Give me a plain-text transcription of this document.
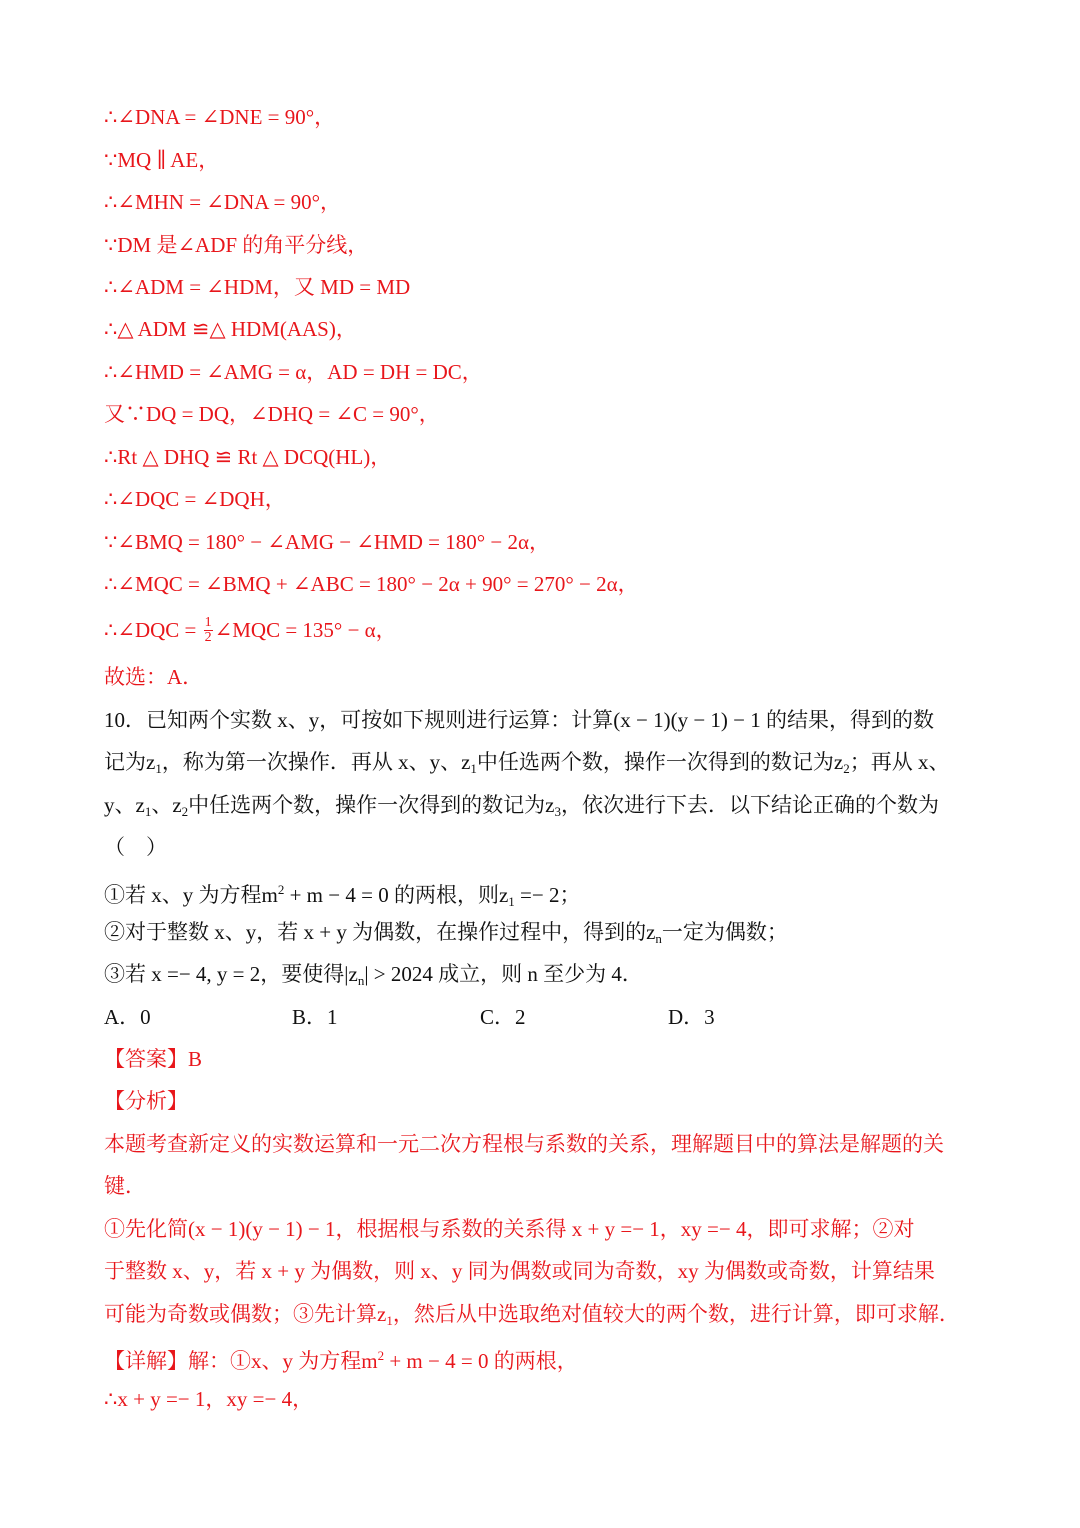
∴∠DNA = ∠DNE = 90°，
∵MQ ∥ AE，
∴∠MHN = ∠DNA = 90°，
∵DM 是∠ADF 的角平分线，
∴∠ADM = ∠HDM，又 MD = MD
∴△ ADM ≌△ HDM(AAS)，
∴∠HMD = ∠AMG = α，AD = DH = DC，
又∵DQ = DQ，∠DHQ = ∠C = 90°，
∴Rt △ DHQ ≌ Rt △ DCQ(HL)，
∴∠DQC = ∠DQH，
∵∠BMQ = 180° − ∠AMG − ∠HMD = 180° − 2α，
∴∠MQC = ∠BMQ + ∠ABC = 180° − 2α + 90° = 270° − 2α，
∴∠DQC = $\frac{1}{2}$ ∠MQC = 135° − α，
故选：A．
10．已知两个实数 x、y，可按如下规则进行运算：计算(x − 1)(y − 1) − 1 的结果，得到的数
记为$z_1$，称为第一次操作．再从 x、y、$z_1$中任选两个数，操作一次得到的数记为$z_2$；再从 x、
y、$z_1$、$z_2$中任选两个数，操作一次得到的数记为$z_3$，依次进行下去．以下结论正确的个数为
（　）
①若 x、y 为方程$m^2 + m - 4 = 0$ 的两根，则$z_1 =- 2$；
②对于整数 x、y，若 x + y 为偶数，在操作过程中，得到的$z_n$一定为偶数；
③若 x =− 4, y = 2，要使得$|z_n| > 2024$ 成立，则 n 至少为 4．
A．0	B．1	C．2	D．3
【答案】B
【分析】
本题考查新定义的实数运算和一元二次方程根与系数的关系，理解题目中的算法是解题的关
键．
①先化简(x − 1)(y − 1) − 1，根据根与系数的关系得 x + y =− 1，xy =− 4，即可求解；②对
于整数 x、y，若 x + y 为偶数，则 x、y 同为偶数或同为奇数，xy 为偶数或奇数，计算结果
可能为奇数或偶数；③先计算$z_1$，然后从中选取绝对值较大的两个数，进行计算，即可求解．
【详解】解：①x、y 为方程$m^2 + m - 4 = 0$ 的两根，
∴x + y =− 1，xy =− 4，
